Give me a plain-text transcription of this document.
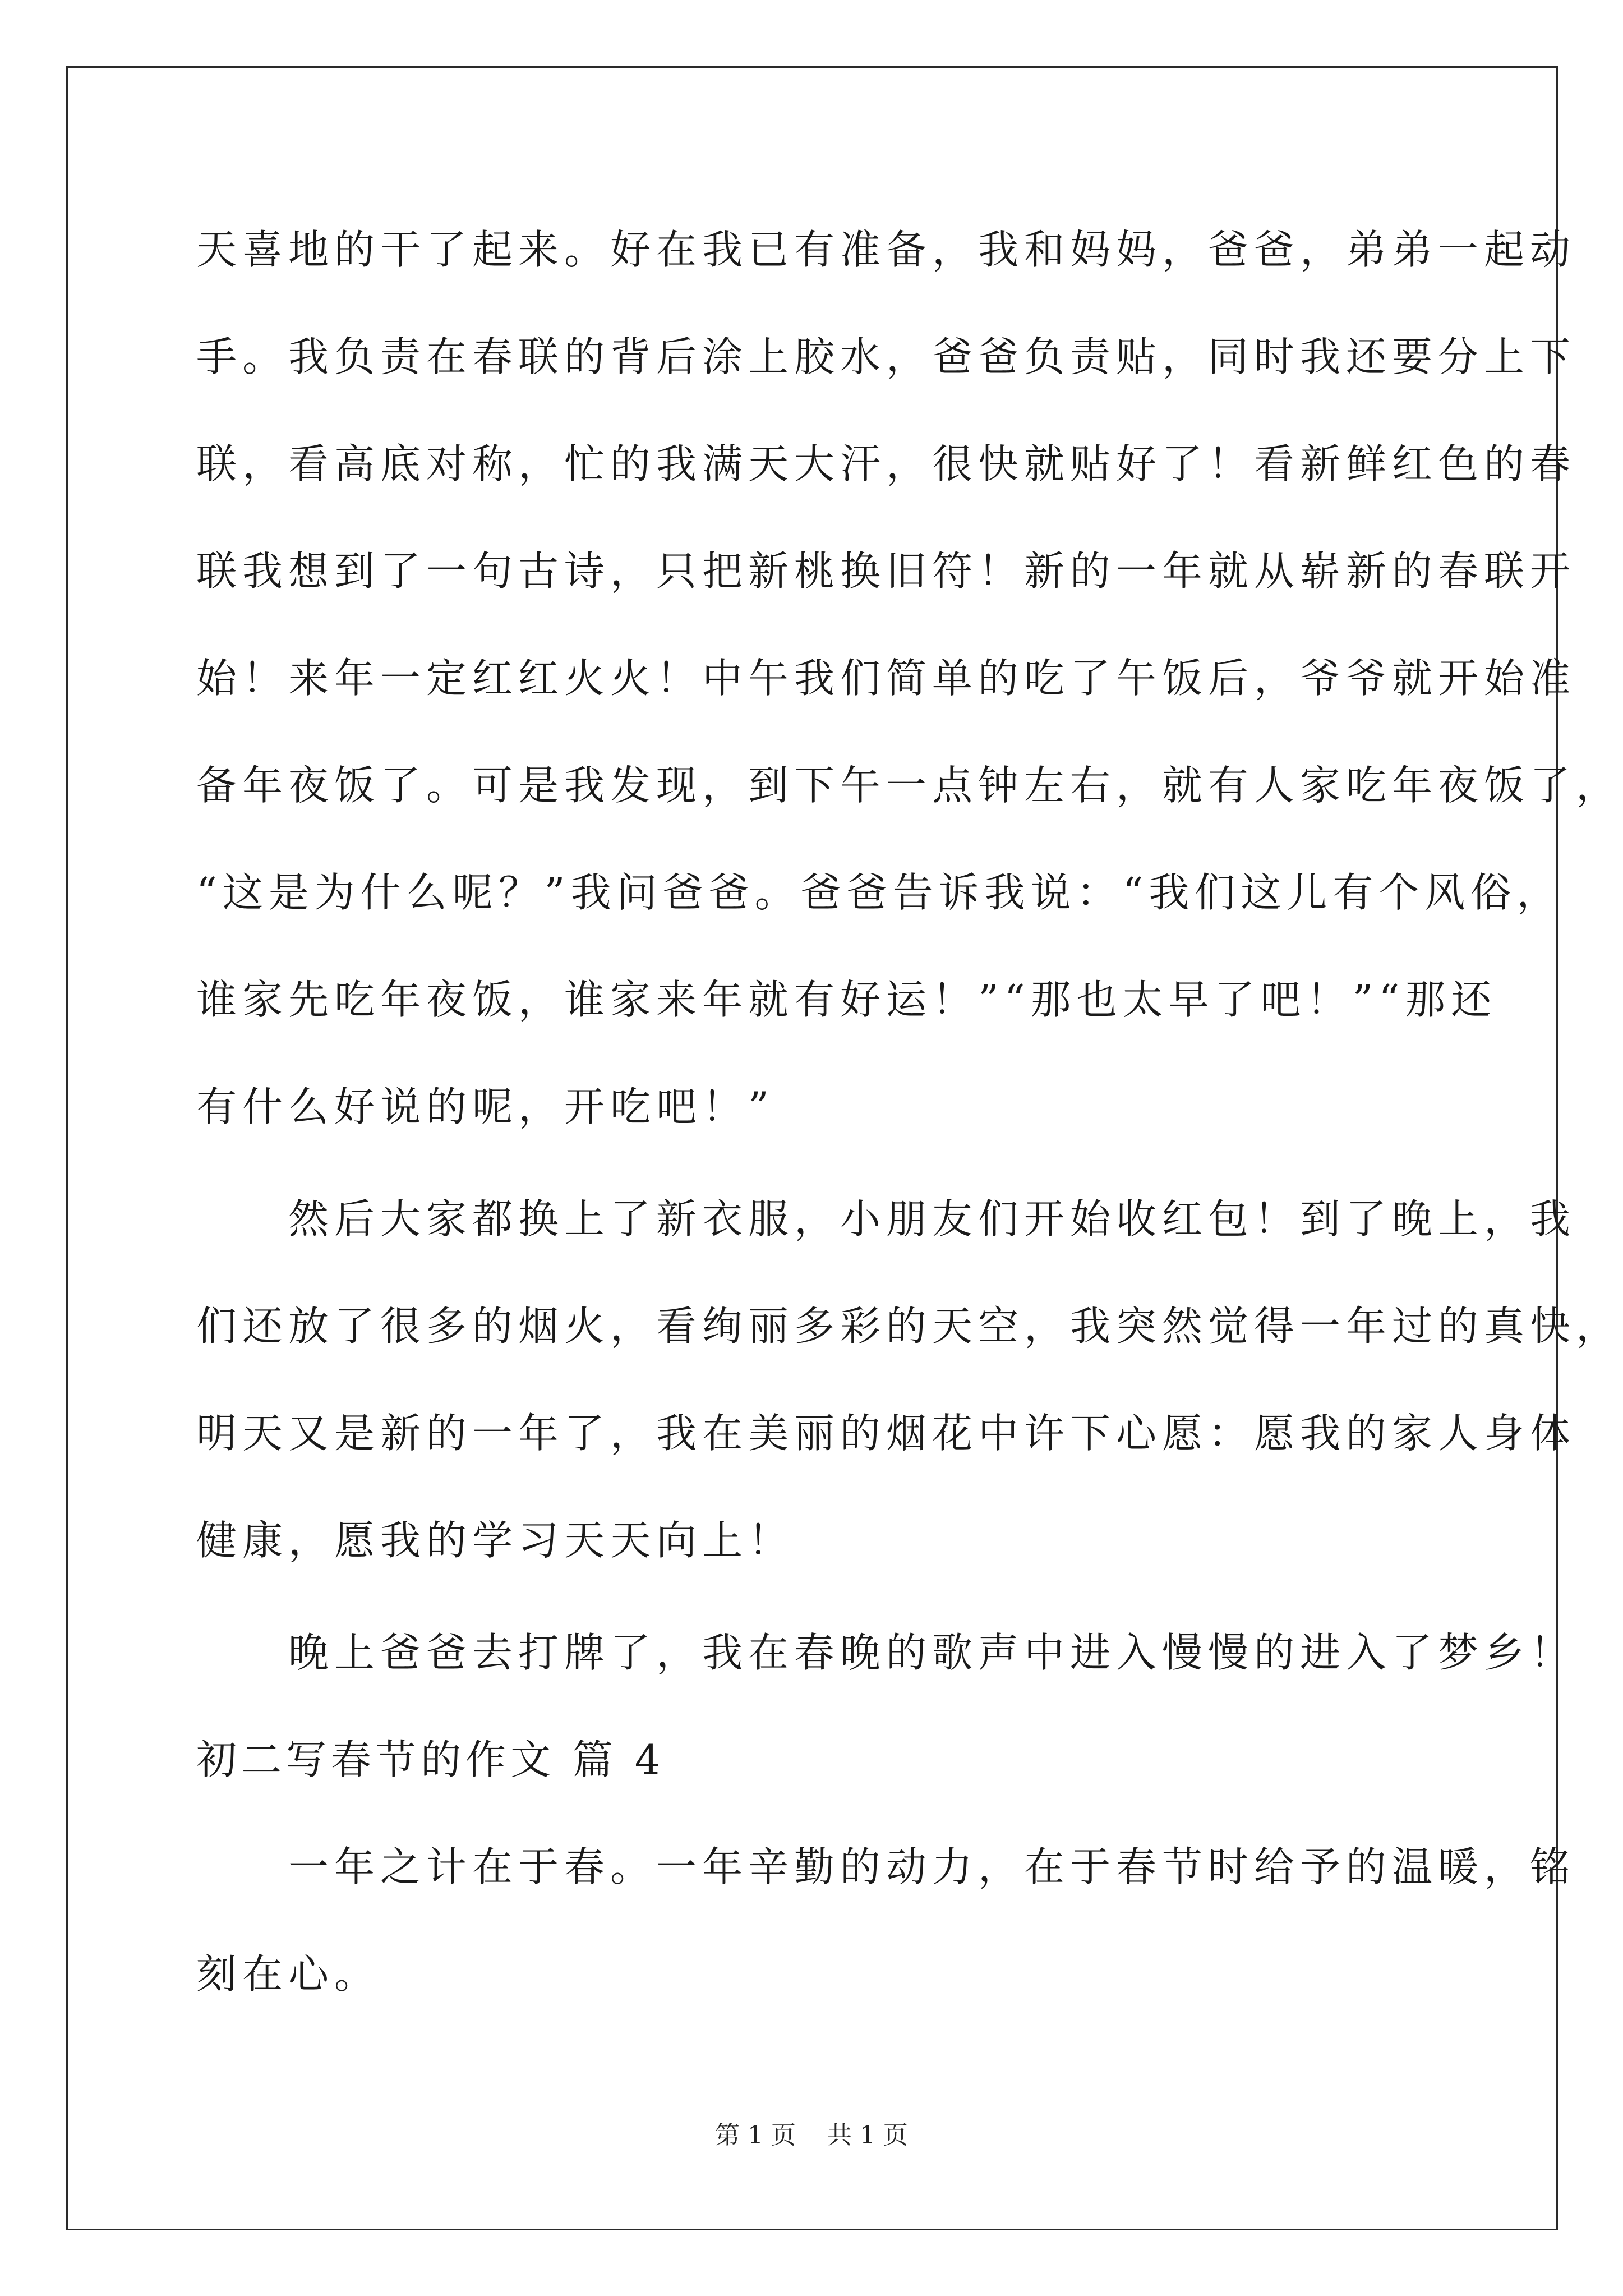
天喜地的干了起来。好在我已有准备，我和妈妈，爸爸，弟弟一起动
手。我负责在春联的背后涂上胶水，爸爸负责贴，同时我还要分上下
联，看高底对称，忙的我满天大汗，很快就贴好了！看新鲜红色的春
联我想到了一句古诗，只把新桃换旧符！新的一年就从崭新的春联开
始！来年一定红红火火！中午我们简单的吃了午饭后，爷爷就开始准
备年夜饭了。可是我发现，到下午一点钟左右，就有人家吃年夜饭了，
“这是为什么呢？”我问爸爸。爸爸告诉我说：“我们这儿有个风俗，
谁家先吃年夜饭，谁家来年就有好运！”“那也太早了吧！”“那还
有什么好说的呢，开吃吧！”
　　然后大家都换上了新衣服，小朋友们开始收红包！到了晚上，我
们还放了很多的烟火，看绚丽多彩的天空，我突然觉得一年过的真快，
明天又是新的一年了，我在美丽的烟花中许下心愿：愿我的家人身体
健康，愿我的学习天天向上！
　　晚上爸爸去打牌了，我在春晚的歌声中进入慢慢的进入了梦乡！
初二写春节的作文 篇 4
　　一年之计在于春。一年辛勤的动力，在于春节时给予的温暖，铭
刻在心。
第 1 页 共 1 页
